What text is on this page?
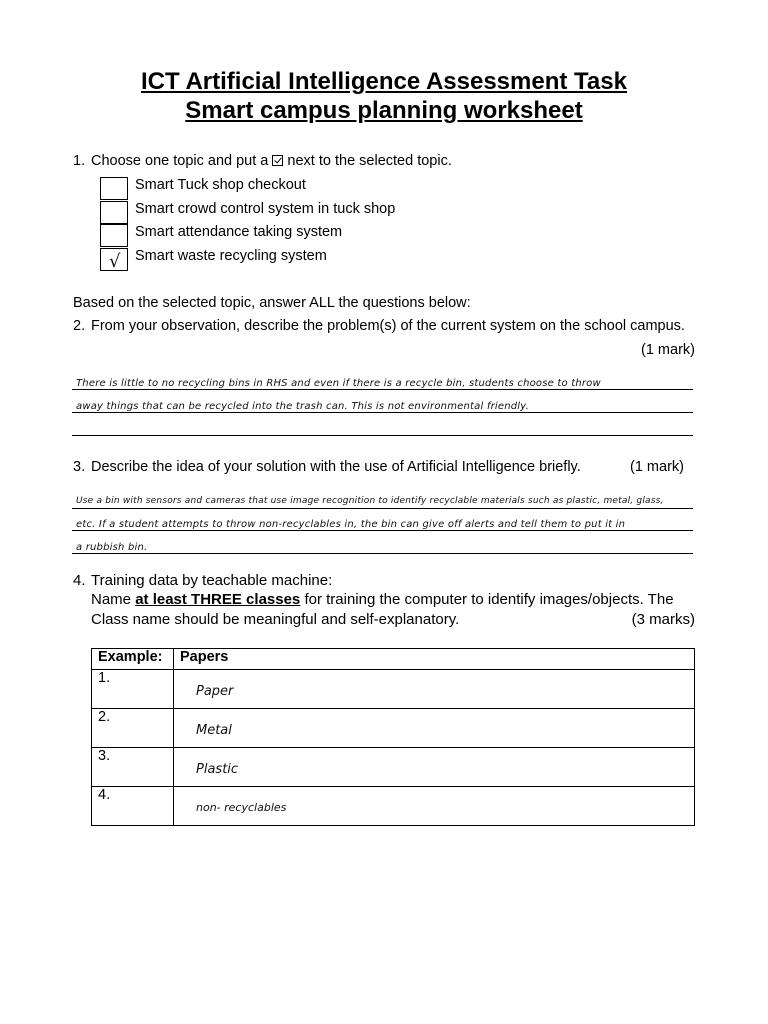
ICT Artificial Intelligence Assessment Task
Smart campus planning worksheet
1. Choose one topic and put a next to the selected topic.
√
Smart Tuck shop checkout
Smart crowd control system in tuck shop
Smart attendance taking system
Smart waste recycling system
Based on the selected topic, answer ALL the questions below:
2. From your observation, describe the problem(s) of the current system on the school campus.
(1 mark)
There is little to no recycling bins in RHS and even if there is a recycle bin, students choose to throw
away things that can be recycled into the trash can. This is not environmental friendly.
3. Describe the idea of your solution with the use of Artificial Intelligence briefly.	(1 mark)
Use a bin with sensors and cameras that use image recognition to identify recyclable materials such as plastic, metal, glass,
etc. If a student attempts to throw non-recyclables in, the bin can give off alerts and tell them to put it in
a rubbish bin.
4. Training data by teachable machine:
Name at least THREE classes for training the computer to identify images/objects. The
Class name should be meaningful and self-explanatory.	(3 marks)
Example:	Papers
1.	Paper

2.	Metal

3.	Plastic

4.	non- recyclables
